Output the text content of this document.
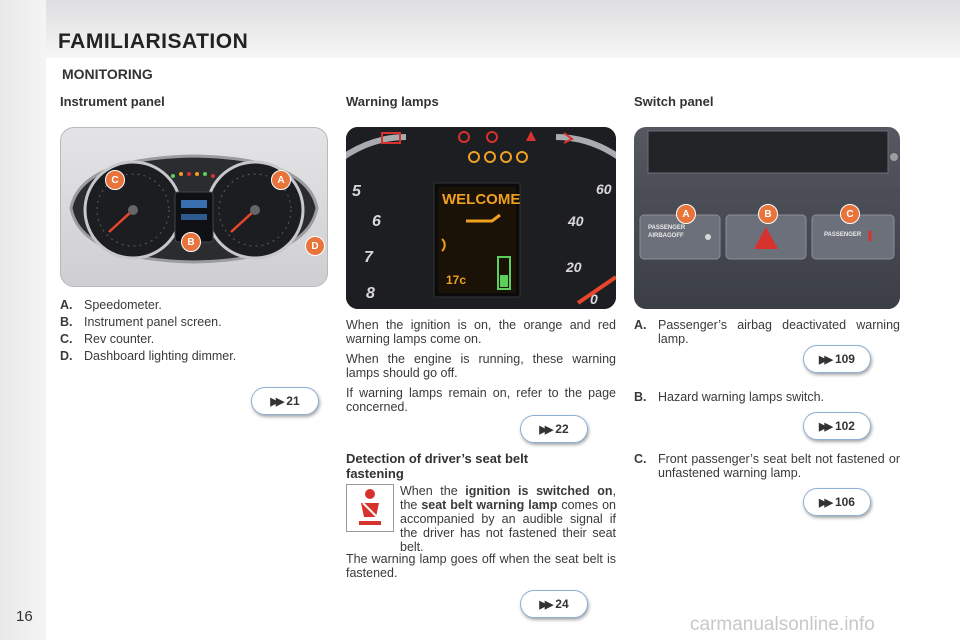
FAMILIARISATION
MONITORING
Instrument panel	Warning lamps	Switch panel
C	A
B	D
A. Speedometer.
B. Instrument panel screen.
C. Rev counter.
D. Dashboard lighting dimmer.
▶▶ 21
WELCOME
17c
5
6
7
8
60
40
20
0

When the ignition is on, the orange and red warning lamps come on.

When the engine is running, these warning lamps should go off.

If warning lamps remain on, refer to the page concerned.

▶▶ 22
Detection of driver’s seat belt
fastening
When the ignition is switched on, the seat belt warning lamp comes on accompanied by an audible signal if the driver has not fastened their seat belt.
The warning lamp goes off when the seat belt is fastened.
▶▶ 24
PASSENGER
AIRBAGOFF	PASSENGER
A	B	C
A. Passenger’s airbag deactivated warning lamp.
▶▶ 109
B. Hazard warning lamps switch.
▶▶ 102
C. Front passenger’s seat belt not fastened or unfastened warning lamp.
▶▶ 106
16	carmanualsonline.info
